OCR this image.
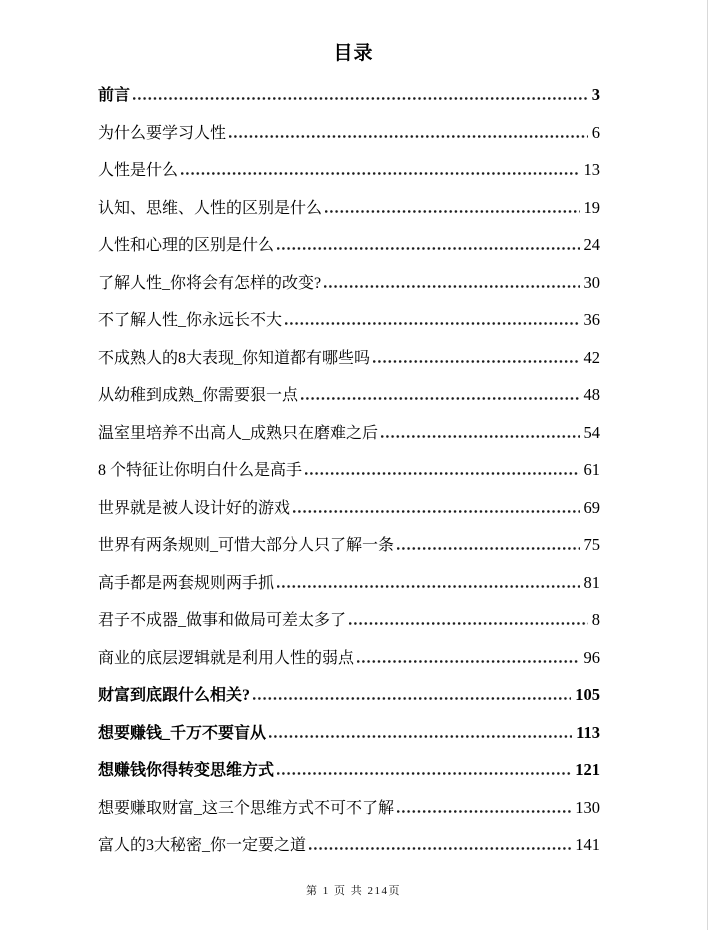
目录
前言	3
为什么要学习人性	6
人性是什么	13
认知、思维、人性的区别是什么	19
人性和心理的区别是什么	24
了解人性_你将会有怎样的改变?	30
不了解人性_你永远长不大	36
不成熟人的8大表现_你知道都有哪些吗	42
从幼稚到成熟_你需要狠一点	48
温室里培养不出高人_成熟只在磨难之后	54
8 个特征让你明白什么是高手	61
世界就是被人设计好的游戏	69
世界有两条规则_可惜大部分人只了解一条	75
高手都是两套规则两手抓	81
君子不成器_做事和做局可差太多了	8
商业的底层逻辑就是利用人性的弱点	96
财富到底跟什么相关?	105
想要赚钱_千万不要盲从	113
想赚钱你得转变思维方式	121
想要赚取财富_这三个思维方式不可不了解	130
富人的3大秘密_你一定要之道	141
第 1 页 共 214页
